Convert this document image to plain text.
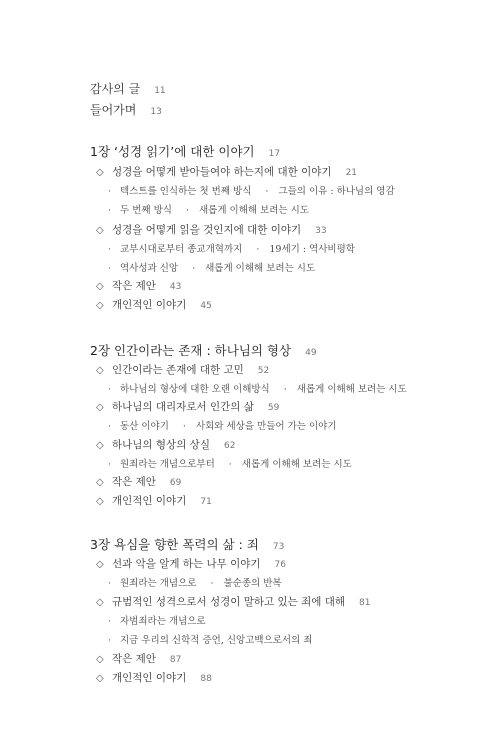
감사의 글 11
들어가며 13
1장 ‘성경 읽기’에 대한 이야기 17
◇ 성경을 어떻게 받아들여야 하는지에 대한 이야기 21
· 텍스트를 인식하는 첫 번째 방식 · 그들의 이유 : 하나님의 영감
· 두 번째 방식 · 새롭게 이해해 보려는 시도
◇ 성경을 어떻게 읽을 것인지에 대한 이야기 33
· 교부시대로부터 종교개혁까지 · 19세기 : 역사비평학
· 역사성과 신앙 · 새롭게 이해해 보려는 시도
◇ 작은 제안 43
◇ 개인적인 이야기 45
2장 인간이라는 존재 : 하나님의 형상 49
◇ 인간이라는 존재에 대한 고민 52
· 하나님의 형상에 대한 오랜 이해방식 · 새롭게 이해해 보려는 시도
◇ 하나님의 대리자로서 인간의 삶 59
· 동산 이야기 · 사회와 세상을 만들어 가는 이야기
◇ 하나님의 형상의 상실 62
· 원죄라는 개념으로부터 · 새롭게 이해해 보려는 시도
◇ 작은 제안 69
◇ 개인적인 이야기 71
3장 욕심을 향한 폭력의 삶 : 죄 73
◇ 선과 악을 알게 하는 나무 이야기 76
· 원죄라는 개념으로 · 불순종의 반복
◇ 규범적인 성격으로서 성경이 말하고 있는 죄에 대해 81
· 자범죄라는 개념으로
· 지금 우리의 신학적 증언, 신앙고백으로서의 죄
◇ 작은 제안 87
◇ 개인적인 이야기 88
